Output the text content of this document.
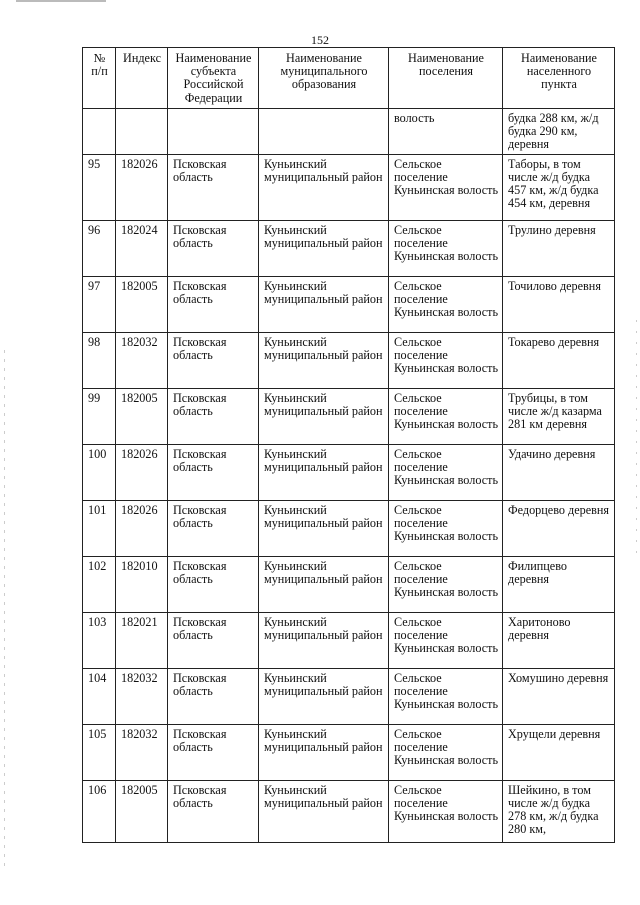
152
№ п/п	Индекс	Наименование субъекта Российской Федерации	Наименование муниципального образования	Наименование поселения	Наименование населенного пункта
				волость	будка 288 км, ж/д будка 290 км, деревня
95	182026	Псковская область	Куньинский муниципальный район	Сельское поселение Куньинская волость	Таборы, в том числе ж/д будка 457 км, ж/д будка 454 км, деревня
96	182024	Псковская область	Куньинский муниципальный район	Сельское поселение Куньинская волость	Трулино деревня
97	182005	Псковская область	Куньинский муниципальный район	Сельское поселение Куньинская волость	Точилово деревня
98	182032	Псковская область	Куньинский муниципальный район	Сельское поселение Куньинская волость	Токарево деревня
99	182005	Псковская область	Куньинский муниципальный район	Сельское поселение Куньинская волость	Трубицы, в том числе ж/д казарма 281 км деревня
100	182026	Псковская область	Куньинский муниципальный район	Сельское поселение Куньинская волость	Удачино деревня
101	182026	Псковская область	Куньинский муниципальный район	Сельское поселение Куньинская волость	Федорцево деревня
102	182010	Псковская область	Куньинский муниципальный район	Сельское поселение Куньинская волость	Филипцево деревня
103	182021	Псковская область	Куньинский муниципальный район	Сельское поселение Куньинская волость	Харитоново деревня
104	182032	Псковская область	Куньинский муниципальный район	Сельское поселение Куньинская волость	Хомушино деревня
105	182032	Псковская область	Куньинский муниципальный район	Сельское поселение Куньинская волость	Хрущели деревня
106	182005	Псковская область	Куньинский муниципальный район	Сельское поселение Куньинская волость	Шейкино, в том числе ж/д будка 278 км, ж/д будка 280 км,
